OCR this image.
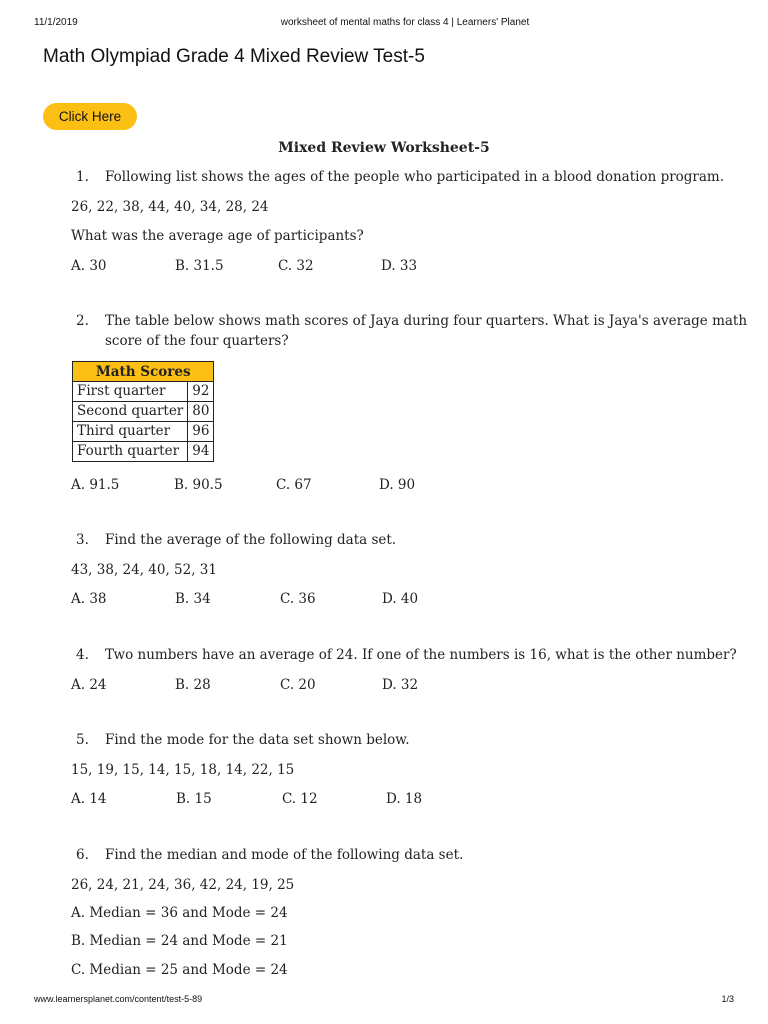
11/1/2019	worksheet of mental maths for class 4 | Learners' Planet
Math Olympiad Grade 4 Mixed Review Test-5
Click Here
Mixed Review Worksheet-5
1. Following list shows the ages of the people who participated in a blood donation program.
26, 22, 38, 44, 40, 34, 28, 24
What was the average age of participants?
A. 30	B. 31.5	C. 32	D. 33
2. The table below shows math scores of Jaya during four quarters. What is Jaya's average math score of the four quarters?
Math Scores	
First quarter	92
Second quarter	80
Third quarter	96
Fourth quarter	94
A. 91.5	B. 90.5	C. 67	D. 90
3. Find the average of the following data set.
43, 38, 24, 40, 52, 31
A. 38	B. 34	C. 36	D. 40
4. Two numbers have an average of 24. If one of the numbers is 16, what is the other number?
A. 24	B. 28	C. 20	D. 32
5. Find the mode for the data set shown below.
15, 19, 15, 14, 15, 18, 14, 22, 15
A. 14	B. 15	C. 12	D. 18
6. Find the median and mode of the following data set.
26, 24, 21, 24, 36, 42, 24, 19, 25
A. Median = 36 and Mode = 24
B. Median = 24 and Mode = 21
C. Median = 25 and Mode = 24
www.learnersplanet.com/content/test-5-89	1/3
